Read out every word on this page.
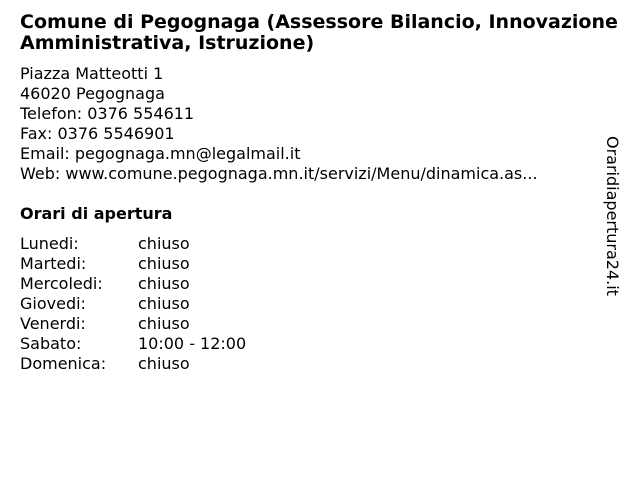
Comune di Pegognaga (Assessore Bilancio, Innovazione Amministrativa, Istruzione)
Piazza Matteotti 1
46020 Pegognaga
Telefon: 0376 554611
Fax: 0376 5546901
Email: pegognaga.mn@legalmail.it
Web: www.comune.pegognaga.mn.it/servizi/Menu/dinamica.as...
Orari di apertura
Lunedi:	chiuso
Martedi:	chiuso
Mercoledi:	chiuso
Giovedi:	chiuso
Venerdi:	chiuso
Sabato:	10:00 - 12:00
Domenica:	chiuso
Oraridiapertura24.it
